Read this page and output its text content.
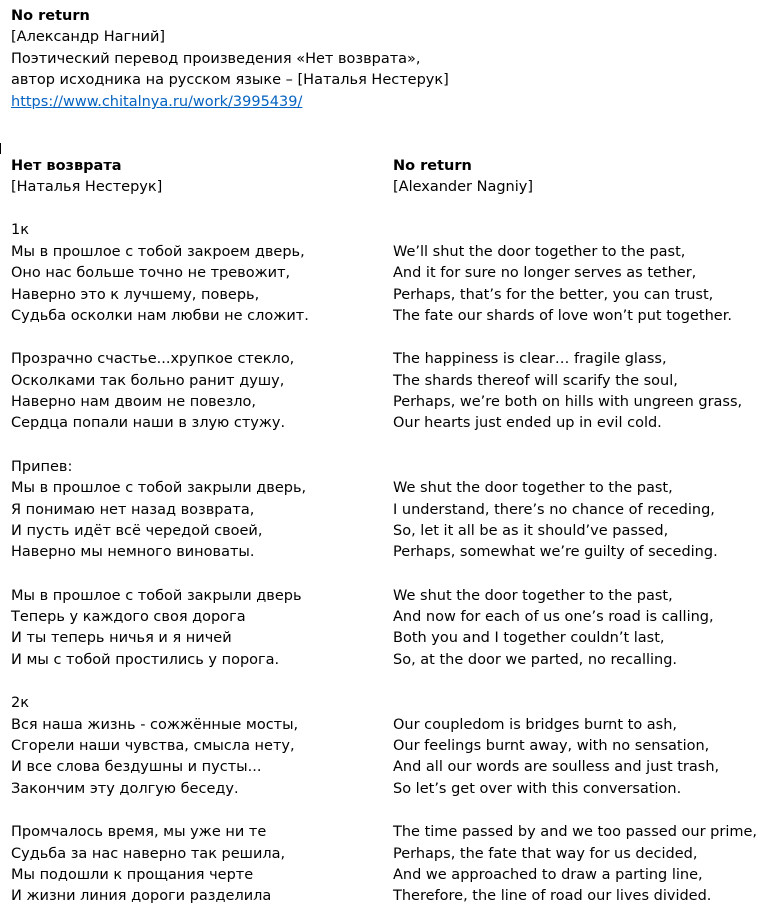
No return
[Александр Нагний]
Поэтический перевод произведения «Нет возврата»,
автор исходника на русском языке – [Наталья Нестерук]
https://www.chitalnya.ru/work/3995439/
Нет возврата
[Наталья Нестерук]
1к
Мы в прошлое с тобой закроем дверь,
Оно нас больше точно не тревожит,
Наверно это к лучшему, поверь,
Судьба осколки нам любви не сложит.
Прозрачно счастье...хрупкое стекло,
Осколками так больно ранит душу,
Наверно нам двоим не повезло,
Сердца попали наши в злую стужу.
Припев:
Мы в прошлое с тобой закрыли дверь,
Я понимаю нет назад возврата,
И пусть идёт всё чередой своей,
Наверно мы немного виноваты.
Мы в прошлое с тобой закрыли дверь
Теперь у каждого своя дорога
И ты теперь ничья и я ничей
И мы с тобой простились у порога.
2к
Вся наша жизнь - сожжённые мосты,
Сгорели наши чувства, смысла нету,
И все слова бездушны и пусты...
Закончим эту долгую беседу.
Промчалось время, мы уже ни те
Судьба за нас наверно так решила,
Мы подошли к прощания черте
И жизни линия дороги разделила
No return
[Alexander Nagniy]
We’ll shut the door together to the past,
And it for sure no longer serves as tether,
Perhaps, that’s for the better, you can trust,
The fate our shards of love won’t put together.
The happiness is clear… fragile glass,
The shards thereof will scarify the soul,
Perhaps, we’re both on hills with ungreen grass,
Our hearts just ended up in evil cold.
We shut the door together to the past,
I understand, there’s no chance of receding,
So, let it all be as it should’ve passed,
Perhaps, somewhat we’re guilty of seceding.
We shut the door together to the past,
And now for each of us one’s road is calling,
Both you and I together couldn’t last,
So, at the door we parted, no recalling.
Our coupledom is bridges burnt to ash,
Our feelings burnt away, with no sensation,
And all our words are soulless and just trash,
So let’s get over with this conversation.
The time passed by and we too passed our prime,
Perhaps, the fate that way for us decided,
And we approached to draw a parting line,
Therefore, the line of road our lives divided.
